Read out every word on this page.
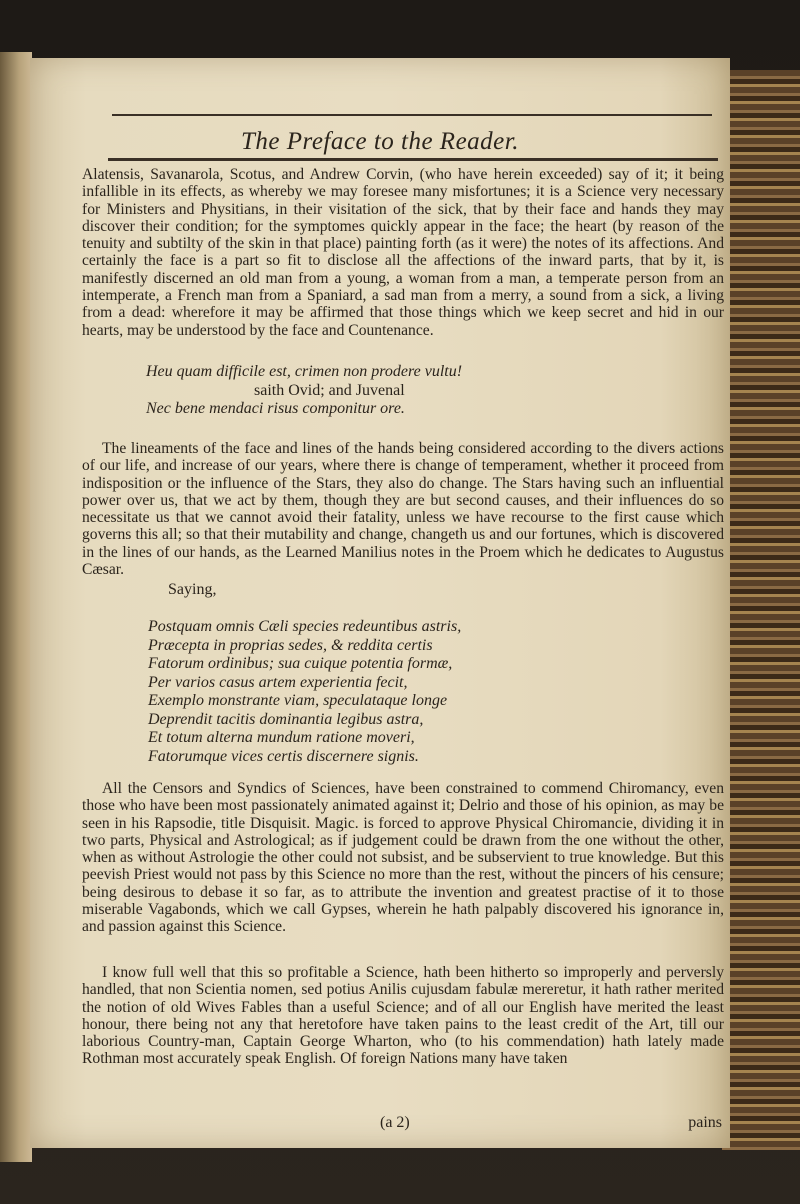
The Preface to the Reader.

Alatensis, Savanarola, Scotus, and Andrew Corvin, (who have herein exceeded) say of it; it being infallible in its effects, as whereby we may foresee many misfortunes; it is a Science very necessary for Ministers and Physitians, in their visitation of the sick, that by their face and hands they may discover their condition; for the symptomes quickly appear in the face; the heart (by reason of the tenuity and subtilty of the skin in that place) painting forth (as it were) the notes of its affections. And certainly the face is a part so fit to disclose all the affections of the inward parts, that by it, is manifestly discerned an old man from a young, a woman from a man, a temperate person from an intemperate, a French man from a Spaniard, a sad man from a merry, a sound from a sick, a living from a dead: wherefore it may be affirmed that those things which we keep secret and hid in our hearts, may be understood by the face and Countenance.

Heu quam difficile est, crimen non prodere vultu!
saith Ovid; and Juvenal
Nec bene mendaci risus componitur ore.

The lineaments of the face and lines of the hands being considered according to the divers actions of our life, and increase of our years, where there is change of temperament, whether it proceed from indisposition or the influence of the Stars, they also do change. The Stars having such an influential power over us, that we act by them, though they are but second causes, and their influences do so necessitate us that we cannot avoid their fatality, unless we have recourse to the first cause which governs this all; so that their mutability and change, changeth us and our fortunes, which is discovered in the lines of our hands, as the Learned Manilius notes in the Proem which he dedicates to Augustus Cæsar.

Saying,
Postquam omnis Cæli species redeuntibus astris,
Præcepta in proprias sedes, & reddita certis
Fatorum ordinibus; sua cuique potentia formæ,
Per varios casus artem experientia fecit,
Exemplo monstrante viam, speculataque longe
Deprendit tacitis dominantia legibus astra,
Et totum alterna mundum ratione moveri,
Fatorumque vices certis discernere signis.

All the Censors and Syndics of Sciences, have been constrained to commend Chiromancy, even those who have been most passionately animated against it; Delrio and those of his opinion, as may be seen in his Rapsodie, title Disquisit. Magic. is forced to approve Physical Chiromancie, dividing it in two parts, Physical and Astrological; as if judgement could be drawn from the one without the other, when as without Astrologie the other could not subsist, and be subservient to true knowledge. But this peevish Priest would not pass by this Science no more than the rest, without the pincers of his censure; being desirous to debase it so far, as to attribute the invention and greatest practise of it to those miserable Vagabonds, which we call Gypses, wherein he hath palpably discovered his ignorance in, and passion against this Science.

I know full well that this so profitable a Science, hath been hitherto so improperly and perversly handled, that non Scientia nomen, sed potius Anilis cujusdam fabulæ mereretur, it hath rather merited the notion of old Wives Fables than a useful Science; and of all our English have merited the least honour, there being not any that heretofore have taken pains to the least credit of the Art, till our laborious Country-man, Captain George Wharton, who (to his commendation) hath lately made Rothman most accurately speak English. Of foreign Nations many have taken

(a 2)	pains
